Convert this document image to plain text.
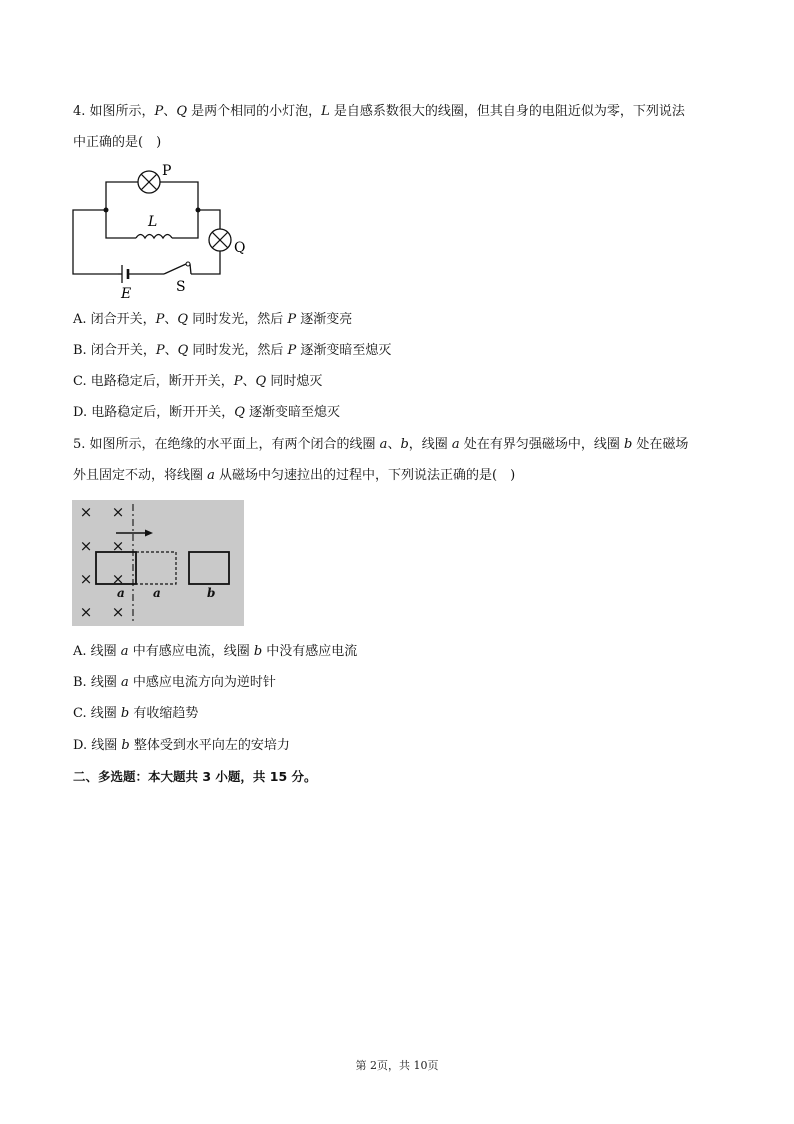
4. 如图所示，P、Q 是两个相同的小灯泡，L 是自感系数很大的线圈，但其自身的电阻近似为零，下列说法
中正确的是(　)
P
Q
L
E	S
A. 闭合开关，P、Q 同时发光，然后 P 逐渐变亮
B. 闭合开关，P、Q 同时发光，然后 P 逐渐变暗至熄灭
C. 电路稳定后，断开开关，P、Q 同时熄灭
D. 电路稳定后，断开开关，Q 逐渐变暗至熄灭
5. 如图所示，在绝缘的水平面上，有两个闭合的线圈 a、b，线圈 a 处在有界匀强磁场中，线圈 b 处在磁场
外且固定不动，将线圈 a 从磁场中匀速拉出的过程中，下列说法正确的是(　)
× ×
× ×
× ×
× ×
a a	b
A. 线圈 a 中有感应电流，线圈 b 中没有感应电流
B. 线圈 a 中感应电流方向为逆时针
C. 线圈 b 有收缩趋势
D. 线圈 b 整体受到水平向左的安培力
二、多选题：本大题共 3 小题，共 15 分。
第 2页，共 10页
